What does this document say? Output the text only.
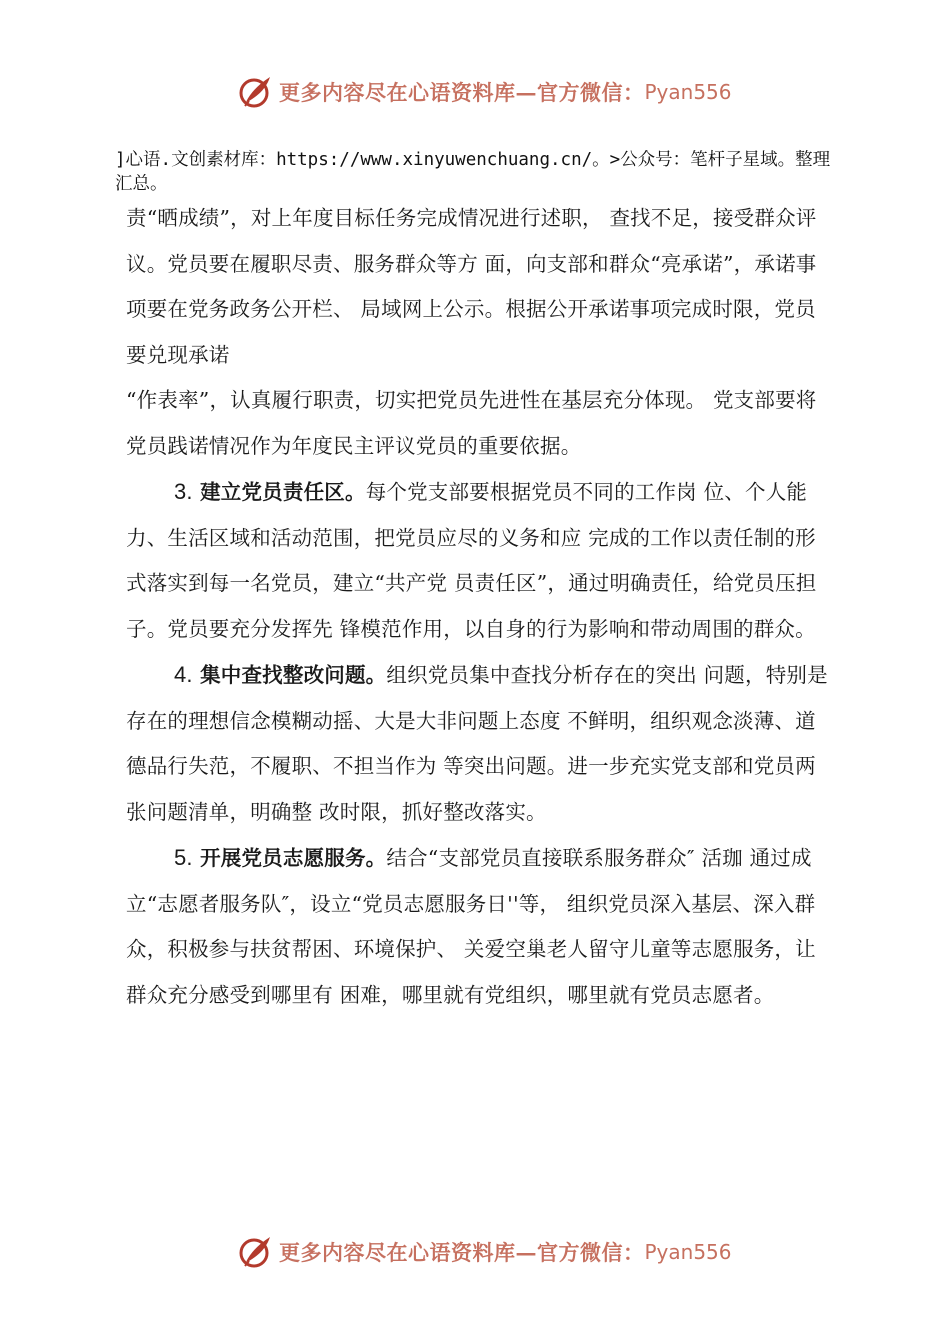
更多内容尽在心语资料库—官方微信： Pyan556

]心语.文创素材库：https://www.xinyuwenchuang.cn/。>公众号：笔杆子星域。整理汇总。

责“晒成绩”，对上年度目标任务完成情况进行述职， 查找不足，接受群众评议。党员要在履职尽责、服务群众等方 面，向支部和群众“亮承诺”，承诺事项要在党务政务公开栏、 局域网上公示。根据公开承诺事项完成时限，党员要兑现承诺

“作表率”，认真履行职责，切实把党员先进性在基层充分体现。 党支部要将党员践诺情况作为年度民主评议党员的重要依据。

3. 建立党员责任区。每个党支部要根据党员不同的工作岗 位、个人能力、生活区域和活动范围，把党员应尽的义务和应 完成的工作以责任制的形式落实到每一名党员，建立“共产党 员责任区”，通过明确责任，给党员压担子。党员要充分发挥先 锋模范作用，以自身的行为影响和带动周围的群众。

4. 集中查找整改问题。组织党员集中查找分析存在的突出 问题，特别是存在的理想信念模糊动摇、大是大非问题上态度 不鲜明，组织观念淡薄、道德品行失范，不履职、不担当作为 等突出问题。进一步充实党支部和党员两张问题清单，明确整 改时限，抓好整改落实。

5. 开展党员志愿服务。结合“支部党员直接联系服务群众″ 活珈 通过成立“志愿者服务队″，设立“党员志愿服务日''等， 组织党员深入基层、深入群众，积极参与扶贫帮困、环境保护、 关爱空巢老人留守儿童等志愿服务，让群众充分感受到哪里有 困难，哪里就有党组织，哪里就有党员志愿者。

更多内容尽在心语资料库—官方微信： Pyan556
